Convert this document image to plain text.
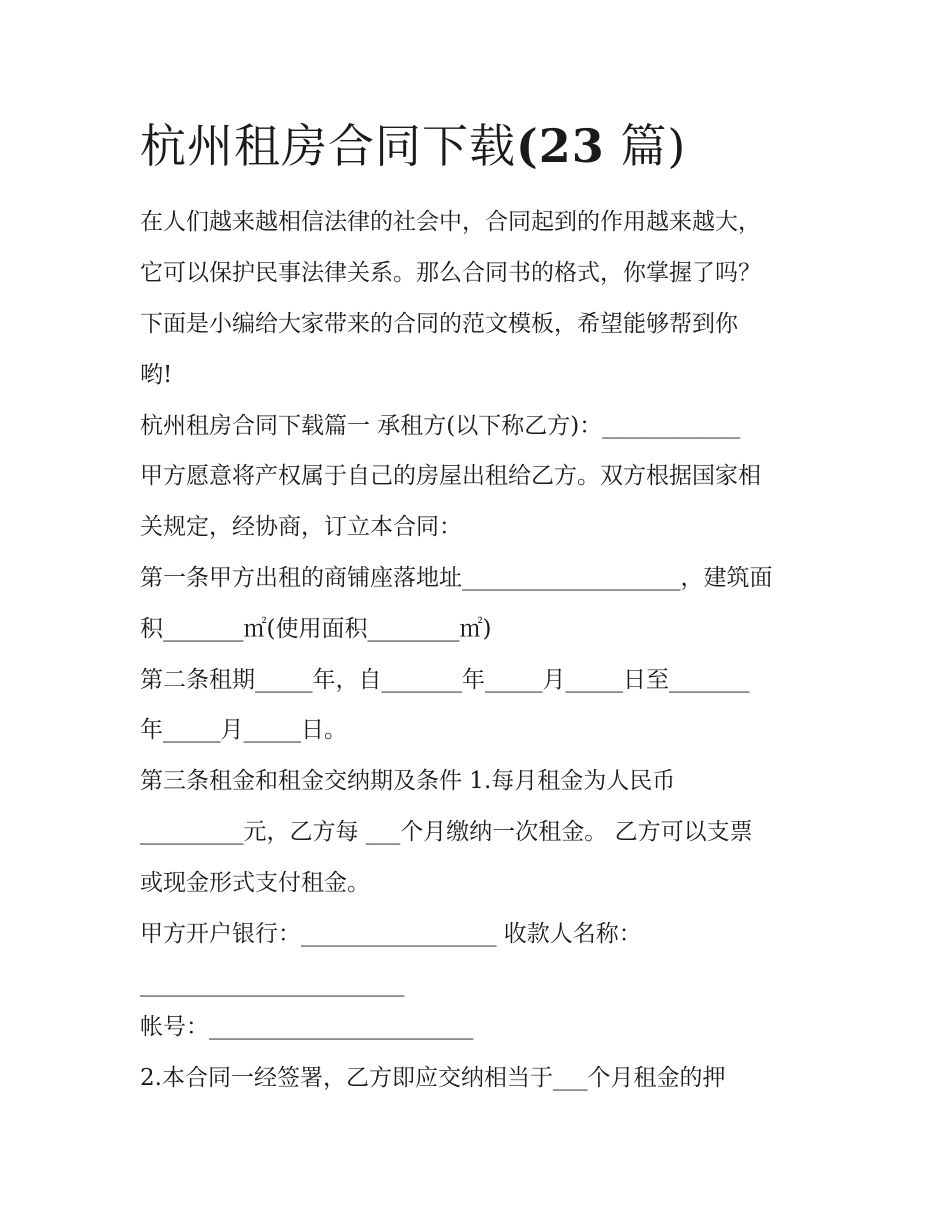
杭州租房合同下载(23 篇)

在人们越来越相信法律的社会中，合同起到的作用越来越大，

它可以保护民事法律关系。那么合同书的格式，你掌握了吗？

下面是小编给大家带来的合同的范文模板，希望能够帮到你

哟!

杭州租房合同下载篇一 承租方(以下称乙方)：____________

甲方愿意将产权属于自己的房屋出租给乙方。双方根据国家相

关规定，经协商，订立本合同：

第一条甲方出租的商铺座落地址___________________，建筑面

积_______㎡(使用面积________㎡)

第二条租期_____年，自_______年_____月_____日至_______

年_____月_____日。

第三条租金和租金交纳期及条件 1.每月租金为人民币

_________元，乙方每 ___个月缴纳一次租金。 乙方可以支票

或现金形式支付租金。

甲方开户银行：_________________ 收款人名称：

_______________________

帐号：_______________________

2.本合同一经签署，乙方即应交纳相当于___个月租金的押
